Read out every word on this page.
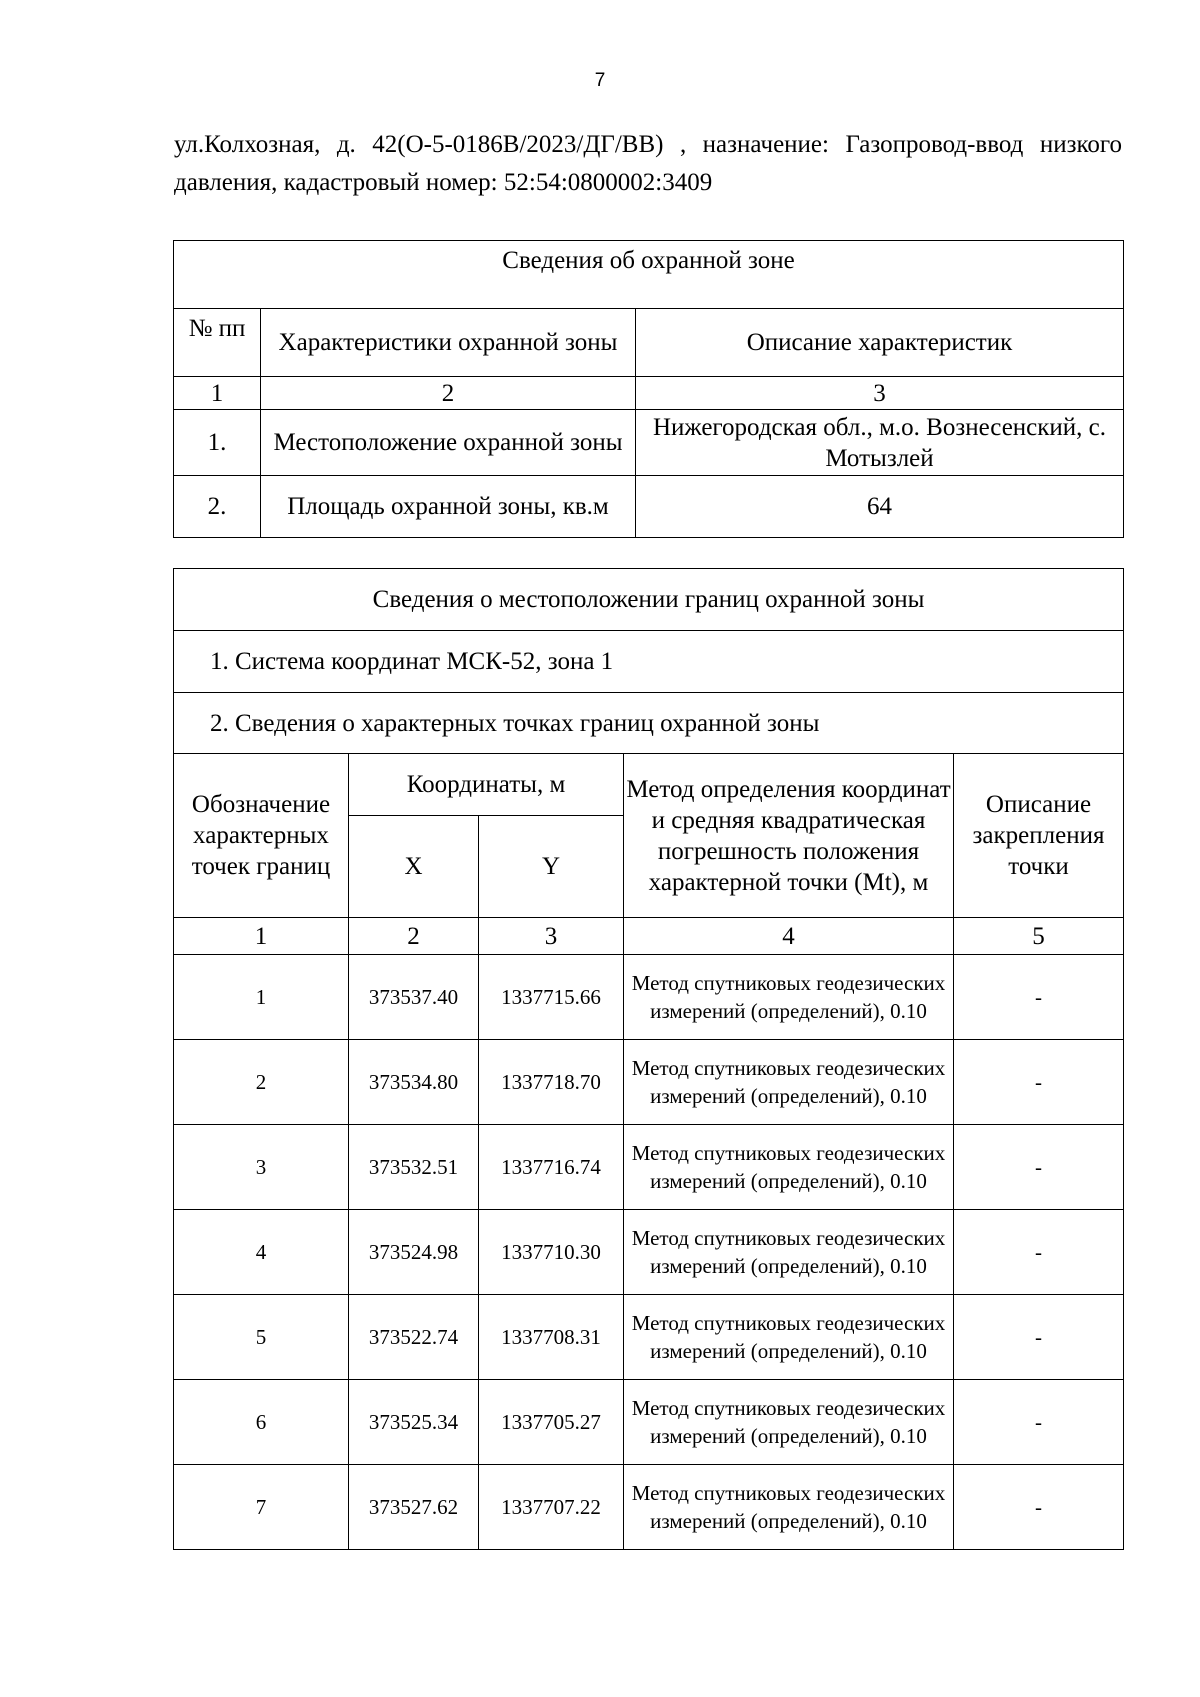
7
ул.Колхозная, д. 42(О-5-0186В/2023/ДГ/ВВ) , назначение: Газопровод-ввод низкого давления, кадастровый номер: 52:54:0800002:3409
Сведения об охранной зоне		
№ пп	Характеристики охранной зоны	Описание характеристик
1	2	3
1.	Местоположение охранной зоны	Нижегородская обл., м.о. Вознесенский, с. Мотызлей
2.	Площадь охранной зоны, кв.м	64
Сведения о местоположении границ охранной зоны				
1. Система координат МСК-52, зона 1				
2. Сведения о характерных точках границ охранной зоны				
Обозначение характерных точек границ	Координаты, м		Метод определения координат и средняя квадратическая погрешность положения характерной точки (Mt), м	Описание закрепления точки
	X	Y		
1	2	3	4	5
1	373537.40	1337715.66	Метод спутниковых геодезических измерений (определений), 0.10	-
2	373534.80	1337718.70	Метод спутниковых геодезических измерений (определений), 0.10	-
3	373532.51	1337716.74	Метод спутниковых геодезических измерений (определений), 0.10	-
4	373524.98	1337710.30	Метод спутниковых геодезических измерений (определений), 0.10	-
5	373522.74	1337708.31	Метод спутниковых геодезических измерений (определений), 0.10	-
6	373525.34	1337705.27	Метод спутниковых геодезических измерений (определений), 0.10	-
7	373527.62	1337707.22	Метод спутниковых геодезических измерений (определений), 0.10	-
